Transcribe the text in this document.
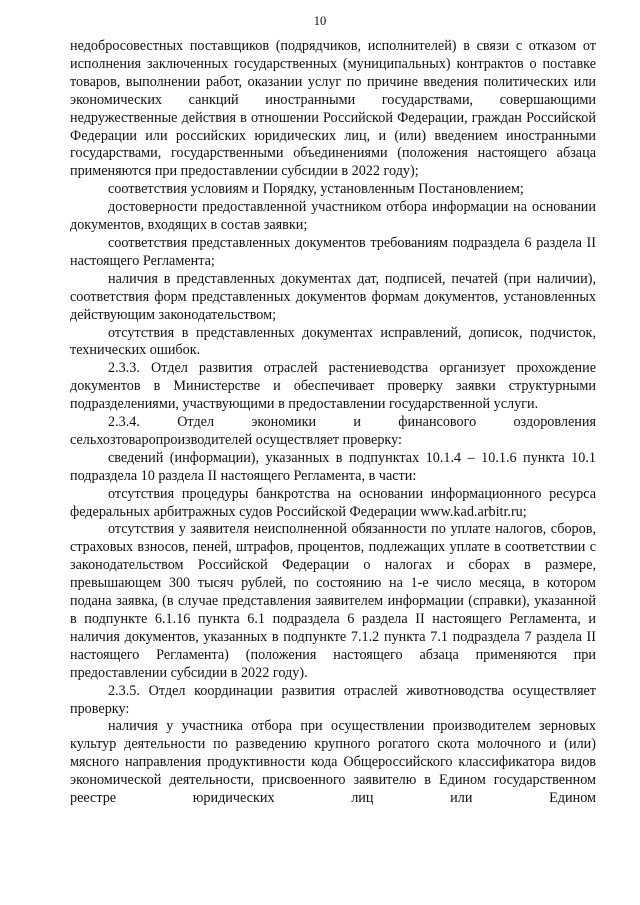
10

недобросовестных поставщиков (подрядчиков, исполнителей) в связи с отказом от исполнения заключенных государственных (муниципальных) контрактов о поставке товаров, выполнении работ, оказании услуг по причине введения политических или экономических санкций иностранными государствами, совершающими недружественные действия в отношении Российской Федерации, граждан Российской Федерации или российских юридических лиц, и (или) введением иностранными государствами, государственными объединениями (положения настоящего абзаца применяются при предоставлении субсидии в 2022 году);

соответствия условиям и Порядку, установленным Постановлением;

достоверности предоставленной участником отбора информации на основании документов, входящих в состав заявки;

соответствия представленных документов требованиям подраздела 6 раздела II настоящего Регламента;

наличия в представленных документах дат, подписей, печатей (при наличии), соответствия форм представленных документов формам документов, установленных действующим законодательством;

отсутствия в представленных документах исправлений, дописок, подчисток, технических ошибок.

2.3.3. Отдел развития отраслей растениеводства организует прохождение документов в Министерстве и обеспечивает проверку заявки структурными подразделениями, участвующими в предоставлении государственной услуги.

2.3.4. Отдел экономики и финансового оздоровления сельхозтоваропроизводителей осуществляет проверку:

сведений (информации), указанных в подпунктах 10.1.4 – 10.1.6 пункта 10.1 подраздела 10 раздела II настоящего Регламента, в части:

отсутствия процедуры банкротства на основании информационного ресурса федеральных арбитражных судов Российской Федерации www.kad.arbitr.ru;

отсутствия у заявителя неисполненной обязанности по уплате налогов, сборов, страховых взносов, пеней, штрафов, процентов, подлежащих уплате в соответствии с законодательством Российской Федерации о налогах и сборах в размере, превышающем 300 тысяч рублей, по состоянию на 1-е число месяца, в котором подана заявка, (в случае представления заявителем информации (справки), указанной в подпункте 6.1.16 пункта 6.1 подраздела 6 раздела II настоящего Регламента, и наличия документов, указанных в подпункте 7.1.2 пункта 7.1 подраздела 7 раздела II настоящего Регламента) (положения настоящего абзаца применяются при предоставлении субсидии в 2022 году).

2.3.5. Отдел координации развития отраслей животноводства осуществляет проверку:

наличия у участника отбора при осуществлении производителем зерновых культур деятельности по разведению крупного рогатого скота молочного и (или) мясного направления продуктивности кода Общероссийского классификатора видов экономической деятельности, присвоенного заявителю в Едином государственном реестре юридических лиц или Едином
